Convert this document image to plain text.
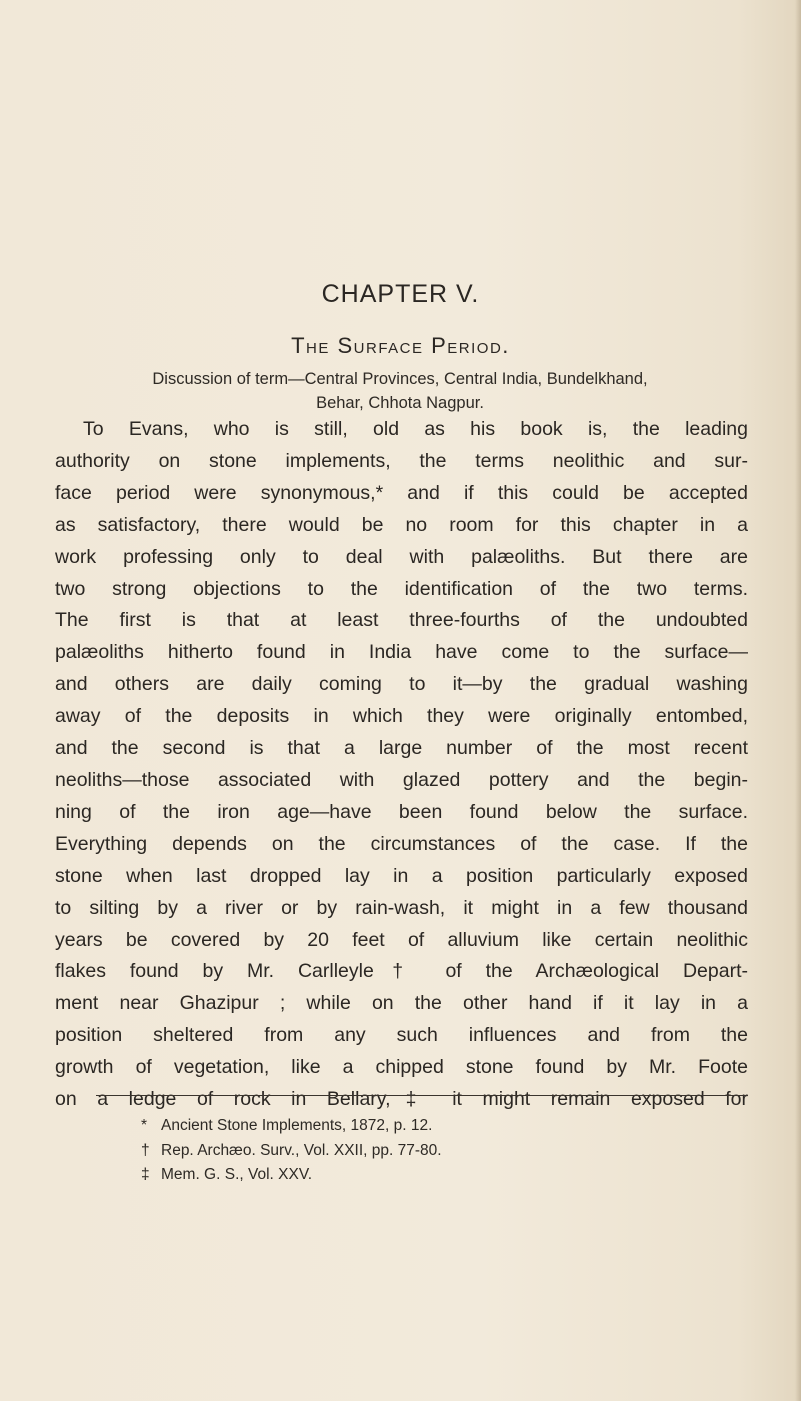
CHAPTER V.
The Surface Period.
Discussion of term—Central Provinces, Central India, Bundelkhand, Behar, Chhota Nagpur.
To Evans, who is still, old as his book is, the leading
authority on stone implements, the terms neolithic and sur-
face period were synonymous,* and if this could be accepted
as satisfactory, there would be no room for this chapter in a
work professing only to deal with palæoliths. But there are
two strong objections to the identification of the two terms.
The first is that at least three-fourths of the undoubted
palæoliths hitherto found in India have come to the surface—
and others are daily coming to it—by the gradual washing
away of the deposits in which they were originally entombed,
and the second is that a large number of the most recent
neoliths—those associated with glazed pottery and the begin-
ning of the iron age—have been found below the surface.
Everything depends on the circumstances of the case. If the
stone when last dropped lay in a position particularly exposed
to silting by a river or by rain-wash, it might in a few thousand
years be covered by 20 feet of alluvium like certain neolithic
flakes found by Mr. Carlleyle† of the Archæological Depart-
ment near Ghazipur ; while on the other hand if it lay in a
position sheltered from any such influences and from the
growth of vegetation, like a chipped stone found by Mr. Foote
on a ledge of rock in Bellary,‡ it might remain exposed for
* Ancient Stone Implements, 1872, p. 12.
† Rep. Archæo. Surv., Vol. XXII, pp. 77-80.
‡ Mem. G. S., Vol. XXV.
